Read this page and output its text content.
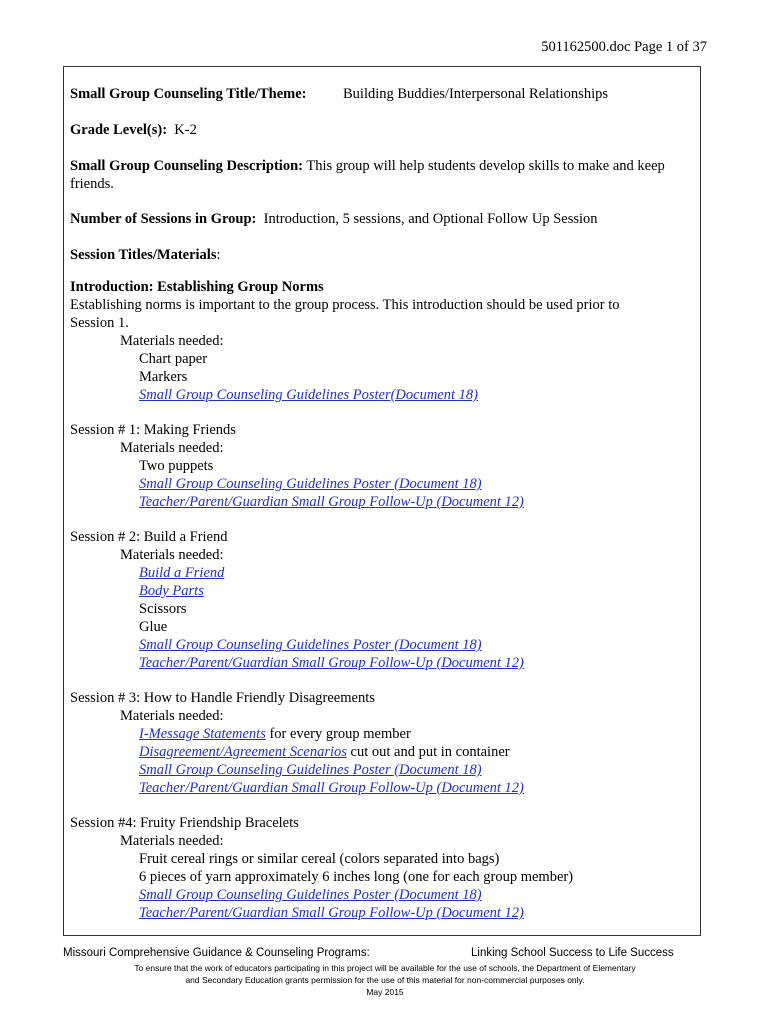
501162500.doc Page 1 of 37
Small Group Counseling Title/Theme:	Building Buddies/Interpersonal Relationships
Grade Level(s): K-2
Small Group Counseling Description: This group will help students develop skills to make and keep
friends.
Number of Sessions in Group: Introduction, 5 sessions, and Optional Follow Up Session
Session Titles/Materials:
Introduction: Establishing Group Norms
Establishing norms is important to the group process. This introduction should be used prior to
Session 1.
Materials needed:
Chart paper
Markers
Small Group Counseling Guidelines Poster(Document 18)
Session # 1: Making Friends
Materials needed:
Two puppets
Small Group Counseling Guidelines Poster (Document 18)
Teacher/Parent/Guardian Small Group Follow-Up (Document 12)
Session # 2: Build a Friend
Materials needed:
Build a Friend
Body Parts
Scissors
Glue
Small Group Counseling Guidelines Poster (Document 18)
Teacher/Parent/Guardian Small Group Follow-Up (Document 12)
Session # 3: How to Handle Friendly Disagreements
Materials needed:
I-Message Statements for every group member
Disagreement/Agreement Scenarios cut out and put in container
Small Group Counseling Guidelines Poster (Document 18)
Teacher/Parent/Guardian Small Group Follow-Up (Document 12)
Session #4: Fruity Friendship Bracelets
Materials needed:
Fruit cereal rings or similar cereal (colors separated into bags)
6 pieces of yarn approximately 6 inches long (one for each group member)
Small Group Counseling Guidelines Poster (Document 18)
Teacher/Parent/Guardian Small Group Follow-Up (Document 12)
Missouri Comprehensive Guidance & Counseling Programs:	Linking School Success to Life Success
To ensure that the work of educators participating in this project will be available for the use of schools, the Department of Elementary
and Secondary Education grants permission for the use of this material for non-commercial purposes only.
May 2015
